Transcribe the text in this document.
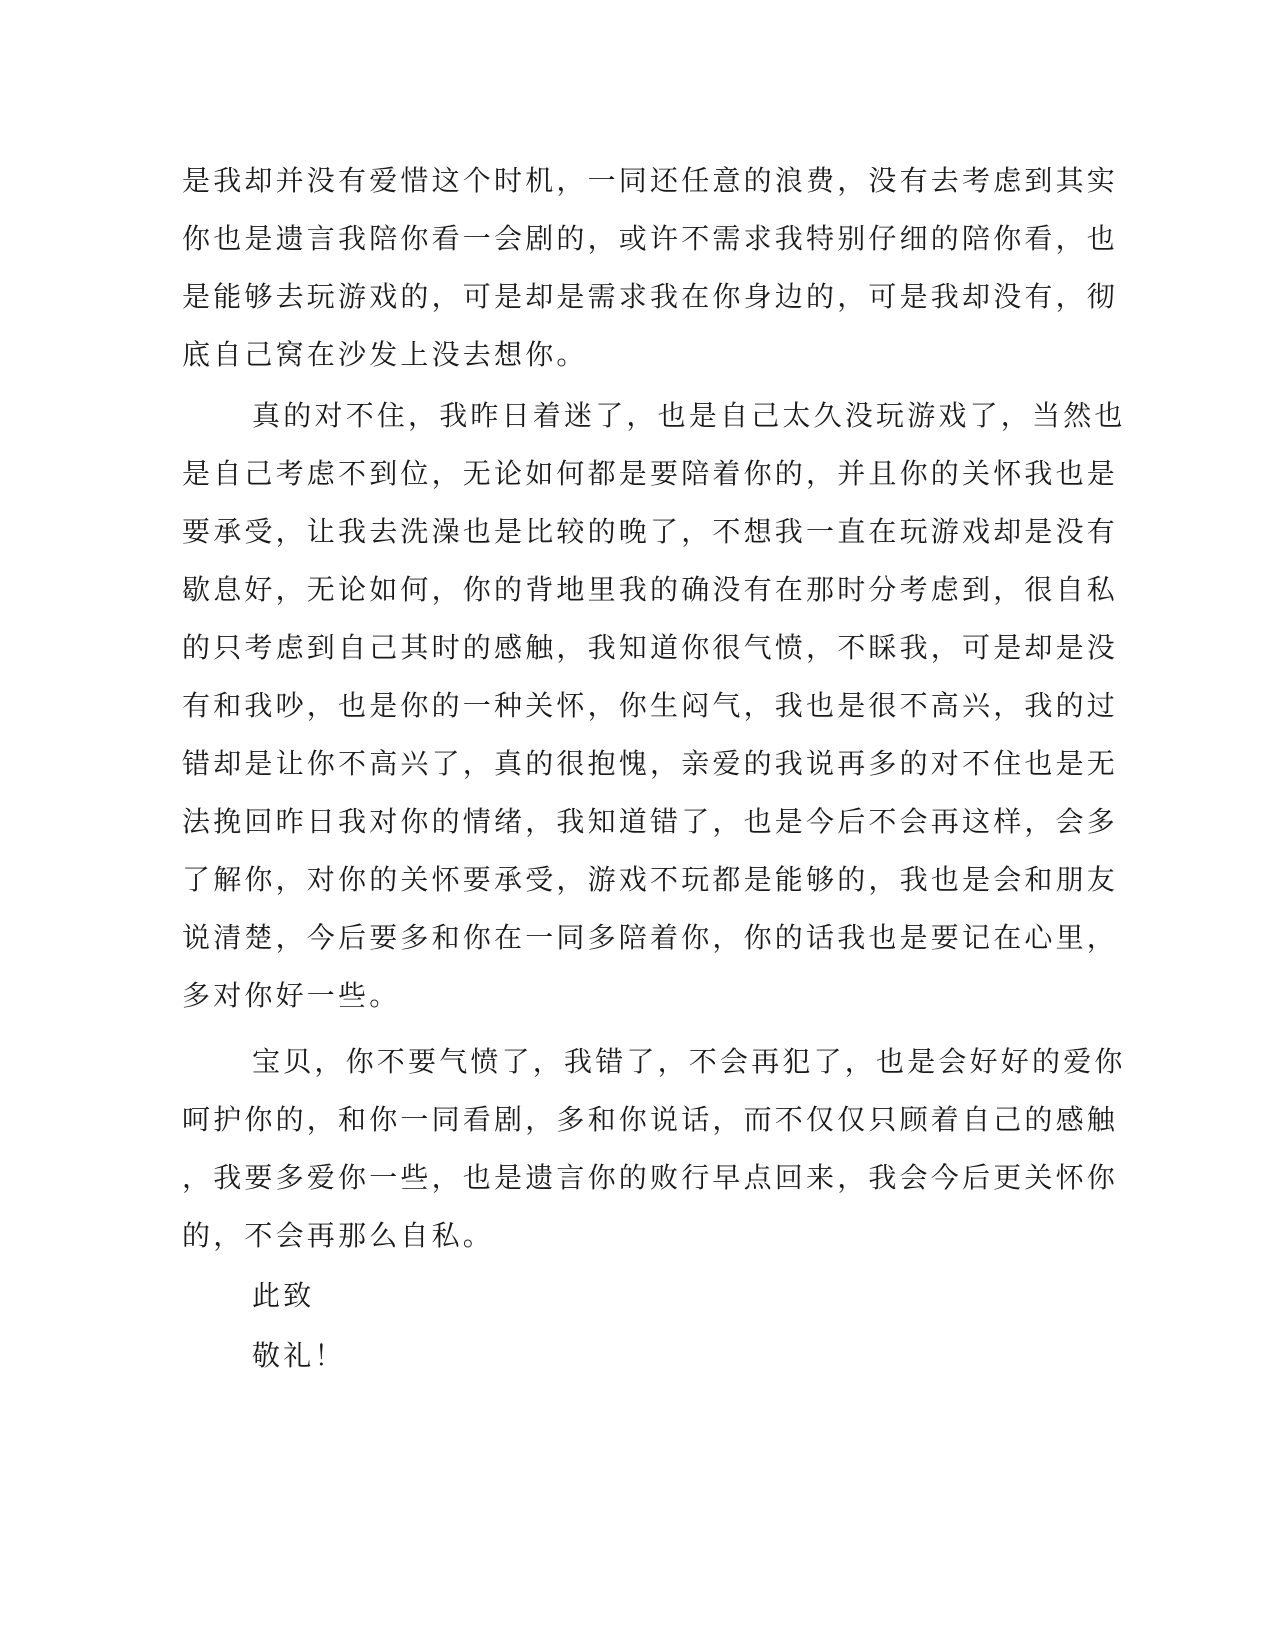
是我却并没有爱惜这个时机，一同还任意的浪费，没有去考虑到其实
你也是遗言我陪你看一会剧的，或许不需求我特别仔细的陪你看，也
是能够去玩游戏的，可是却是需求我在你身边的，可是我却没有，彻
底自己窝在沙发上没去想你。
真的对不住，我昨日着迷了，也是自己太久没玩游戏了，当然也
是自己考虑不到位，无论如何都是要陪着你的，并且你的关怀我也是
要承受，让我去洗澡也是比较的晚了，不想我一直在玩游戏却是没有
歇息好，无论如何，你的背地里我的确没有在那时分考虑到，很自私
的只考虑到自己其时的感触，我知道你很气愤，不睬我，可是却是没
有和我吵，也是你的一种关怀，你生闷气，我也是很不高兴，我的过
错却是让你不高兴了，真的很抱愧，亲爱的我说再多的对不住也是无
法挽回昨日我对你的情绪，我知道错了，也是今后不会再这样，会多
了解你，对你的关怀要承受，游戏不玩都是能够的，我也是会和朋友
说清楚，今后要多和你在一同多陪着你，你的话我也是要记在心里，
多对你好一些。
宝贝，你不要气愤了，我错了，不会再犯了，也是会好好的爱你
呵护你的，和你一同看剧，多和你说话，而不仅仅只顾着自己的感触
，我要多爱你一些，也是遗言你的败行早点回来，我会今后更关怀你
的，不会再那么自私。
此致
敬礼！
